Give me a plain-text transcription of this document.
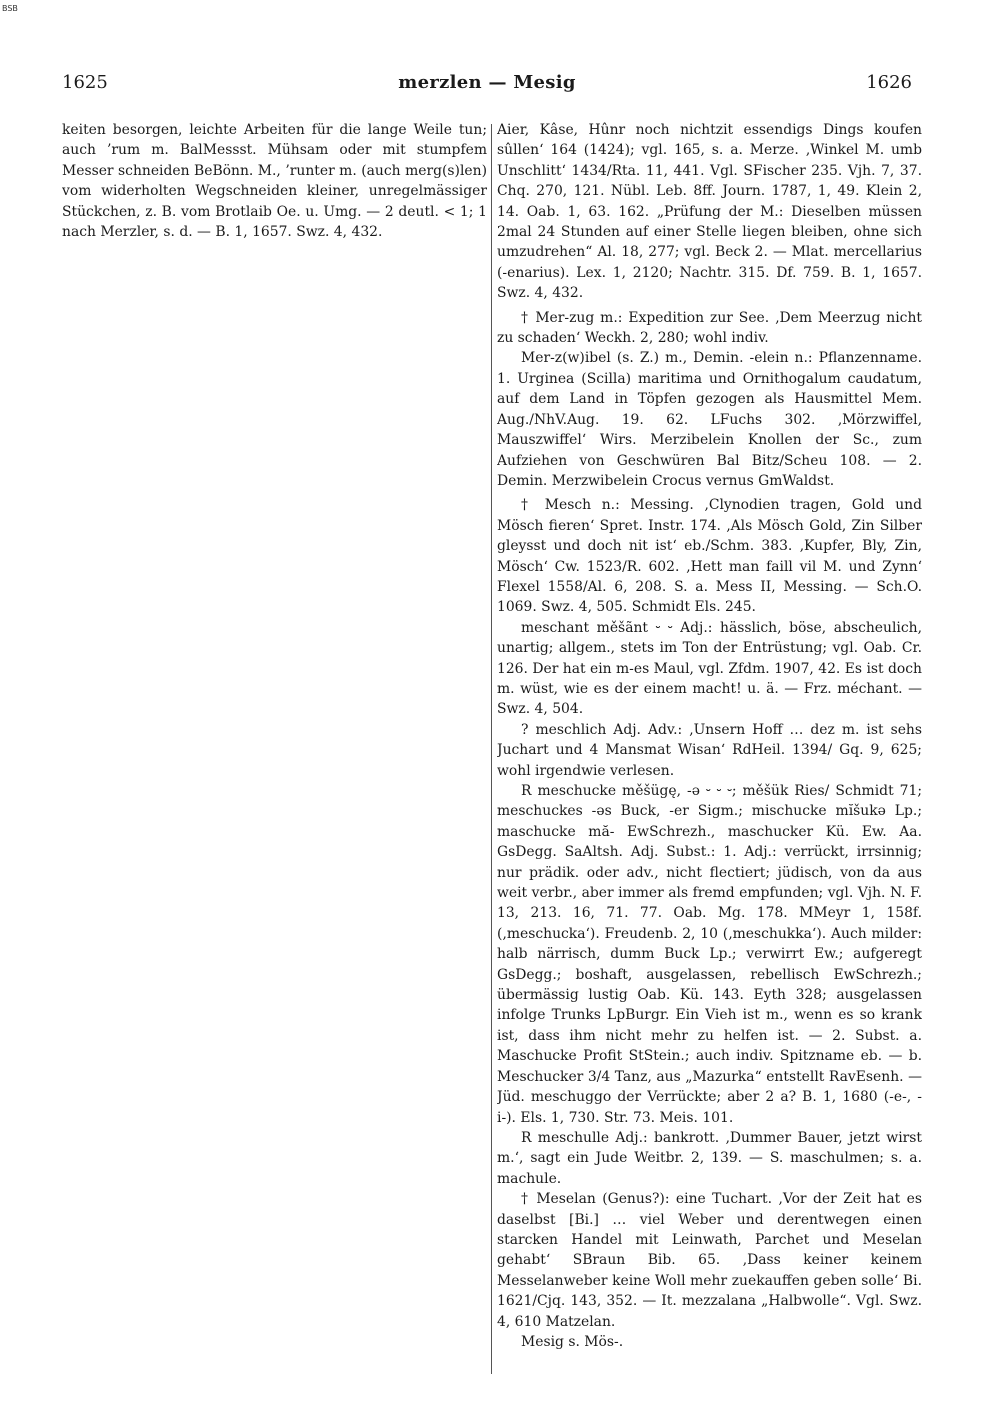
BSB
1625	merzlen — Mesig	1626

keiten besorgen, leichte Arbeiten für die lange Weile tun; auch ’rum m. BalMessst. Mühsam oder mit stumpfem Messer schneiden BeBönn. M., ’runter m. (auch merg(s)len) vom widerholten Wegschneiden kleiner, unregelmässiger Stückchen, z. B. vom Brotlaib Oe. u. Umg. — 2 deutl. < 1; 1 nach Merzler, s. d. — B. 1, 1657. Swz. 4, 432.

Aier, Kâse, Hûnr noch nichtzit essendigs Dings koufen sûllen‘ 164 (1424); vgl. 165, s. a. Merze. ‚Winkel M. umb Unschlitt‘ 1434/Rta. 11, 441. Vgl. SFischer 235. Vjh. 7, 37. Chq. 270, 121. Nübl. Leb. 8ff. Journ. 1787, 1, 49. Klein 2, 14. Oab. 1, 63. 162. „Prüfung der M.: Dieselben müssen 2mal 24 Stunden auf einer Stelle liegen bleiben, ohne sich umzudrehen“ Al. 18, 277; vgl. Beck 2. — Mlat. mercellarius (-enarius). Lex. 1, 2120; Nachtr. 315. Df. 759. B. 1, 1657. Swz. 4, 432.

† Mer-zug m.: Expedition zur See. ‚Dem Meerzug nicht zu schaden‘ Weckh. 2, 280; wohl indiv.

Mer-z(w)ibel (s. Z.) m., Demin. -elein n.: Pflanzenname. 1. Urginea (Scilla) maritima und Ornithogalum caudatum, auf dem Land in Töpfen gezogen als Hausmittel Mem. Aug./NhV.Aug. 19. 62. LFuchs 302. ‚Mörzwiffel, Mauszwiffel‘ Wirs. Merzibelein Knollen der Sc., zum Aufziehen von Geschwüren Bal Bitz/Scheu 108. — 2. Demin. Merzwibelein Crocus vernus GmWaldst.

† Mesch n.: Messing. ‚Clynodien tragen, Gold und Mösch fieren‘ Spret. Instr. 174. ‚Als Mösch Gold, Zin Silber gleysst und doch nit ist‘ eb./Schm. 383. ‚Kupfer, Bly, Zin, Mösch‘ Cw. 1523/R. 602. ‚Hett man faill vil M. und Zynn‘ Flexel 1558/Al. 6, 208. S. a. Mess II, Messing. — Sch.O. 1069. Swz. 4, 505. Schmidt Els. 245.

meschant měšãnt ⏑ ⏑ Adj.: hässlich, böse, abscheulich, unartig; allgem., stets im Ton der Entrüstung; vgl. Oab. Cr. 126. Der hat ein m-es Maul, vgl. Zfdm. 1907, 42. Es ist doch m. wüst, wie es der einem macht! u. ä. — Frz. méchant. — Swz. 4, 504.

? meschlich Adj. Adv.: ‚Unsern Hoff … dez m. ist sehs Juchart und 4 Mansmat Wisan‘ RdHeil. 1394/ Gq. 9, 625; wohl irgendwie verlesen.

R meschucke měšügę, -ə ⏑ ⏑ ⏑; měšük Ries/ Schmidt 71; meschuckes -əs Buck, -er Sigm.; mischucke mĭšukə Lp.; maschucke mă- EwSchrezh., maschucker Kü. Ew. Aa. GsDegg. SaAltsh. Adj. Subst.: 1. Adj.: verrückt, irrsinnig; nur prädik. oder adv., nicht flectiert; jüdisch, von da aus weit verbr., aber immer als fremd empfunden; vgl. Vjh. N. F. 13, 213. 16, 71. 77. Oab. Mg. 178. MMeyr 1, 158f. (‚meschucka‘). Freudenb. 2, 10 (‚meschukka‘). Auch milder: halb närrisch, dumm Buck Lp.; verwirrt Ew.; aufgeregt GsDegg.; boshaft, ausgelassen, rebellisch EwSchrezh.; übermässig lustig Oab. Kü. 143. Eyth 328; ausgelassen infolge Trunks LpBurgr. Ein Vieh ist m., wenn es so krank ist, dass ihm nicht mehr zu helfen ist. — 2. Subst. a. Maschucke Profit StStein.; auch indiv. Spitzname eb. — b. Meschucker 3/4 Tanz, aus „Mazurka“ entstellt RavEsenh. — Jüd. meschuggo der Verrückte; aber 2 a? B. 1, 1680 (-e-, -i-). Els. 1, 730. Str. 73. Meis. 101.

R meschulle Adj.: bankrott. ‚Dummer Bauer, jetzt wirst m.‘, sagt ein Jude Weitbr. 2, 139. — S. maschulmen; s. a. machule.

† Meselan (Genus?): eine Tuchart. ‚Vor der Zeit hat es daselbst [Bi.] … viel Weber und derentwegen einen starcken Handel mit Leinwath, Parchet und Meselan gehabt‘ SBraun Bib. 65. ‚Dass keiner keinem Messelanweber keine Woll mehr zuekauffen geben solle‘ Bi. 1621/Cjq. 143, 352. — It. mezzalana „Halbwolle“. Vgl. Swz. 4, 610 Matzelan.

Mesig s. Mös-.
